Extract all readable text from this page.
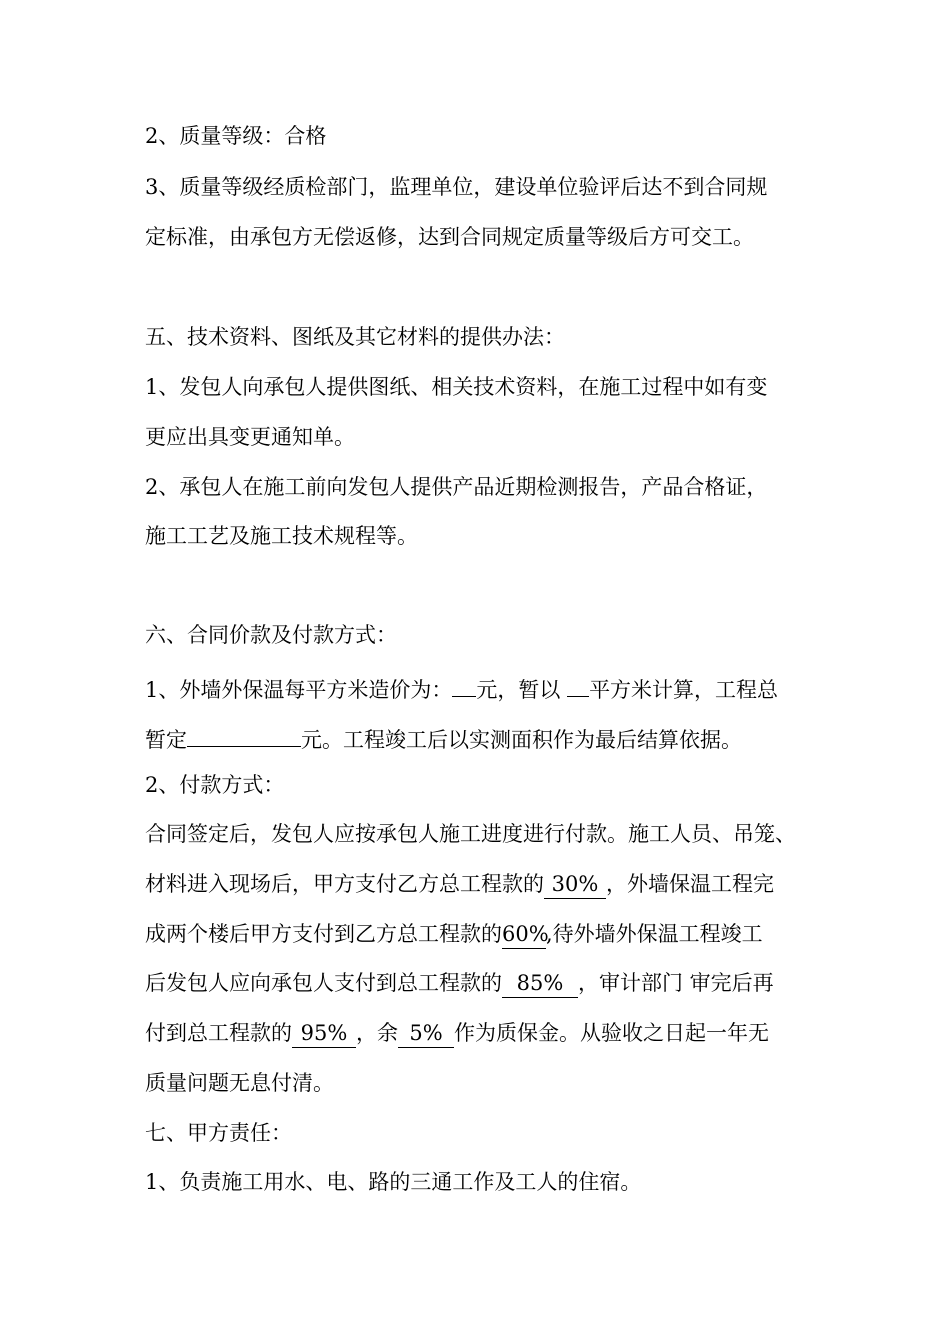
2、质量等级：合格
3、质量等级经质检部门，监理单位，建设单位验评后达不到合同规
定标准，由承包方无偿返修，达到合同规定质量等级后方可交工。
五、技术资料、图纸及其它材料的提供办法：
1、发包人向承包人提供图纸、相关技术资料，在施工过程中如有变
更应出具变更通知单。
2、承包人在施工前向发包人提供产品近期检测报告，产品合格证，
施工工艺及施工技术规程等。
六、合同价款及付款方式：
1、外墙外保温每平方米造价为： 元，暂以 平方米计算，工程总
暂定	元。工程竣工后以实测面积作为最后结算依据。
2、付款方式：
合同签定后，发包人应按承包人施工进度进行付款。施工人员、吊笼、
材料进入现场后，甲方支付乙方总工程款的 30% ，外墙保温工程完
成两个楼后甲方支付到乙方总工程款的60%,待外墙外保温工程竣工
后发包人应向承包人支付到总工程款的 85% ，审计部门 审完后再
付到总工程款的 95% ，余 5% 作为质保金。从验收之日起一年无
质量问题无息付清。
七、甲方责任：
1、负责施工用水、电、路的三通工作及工人的住宿。
